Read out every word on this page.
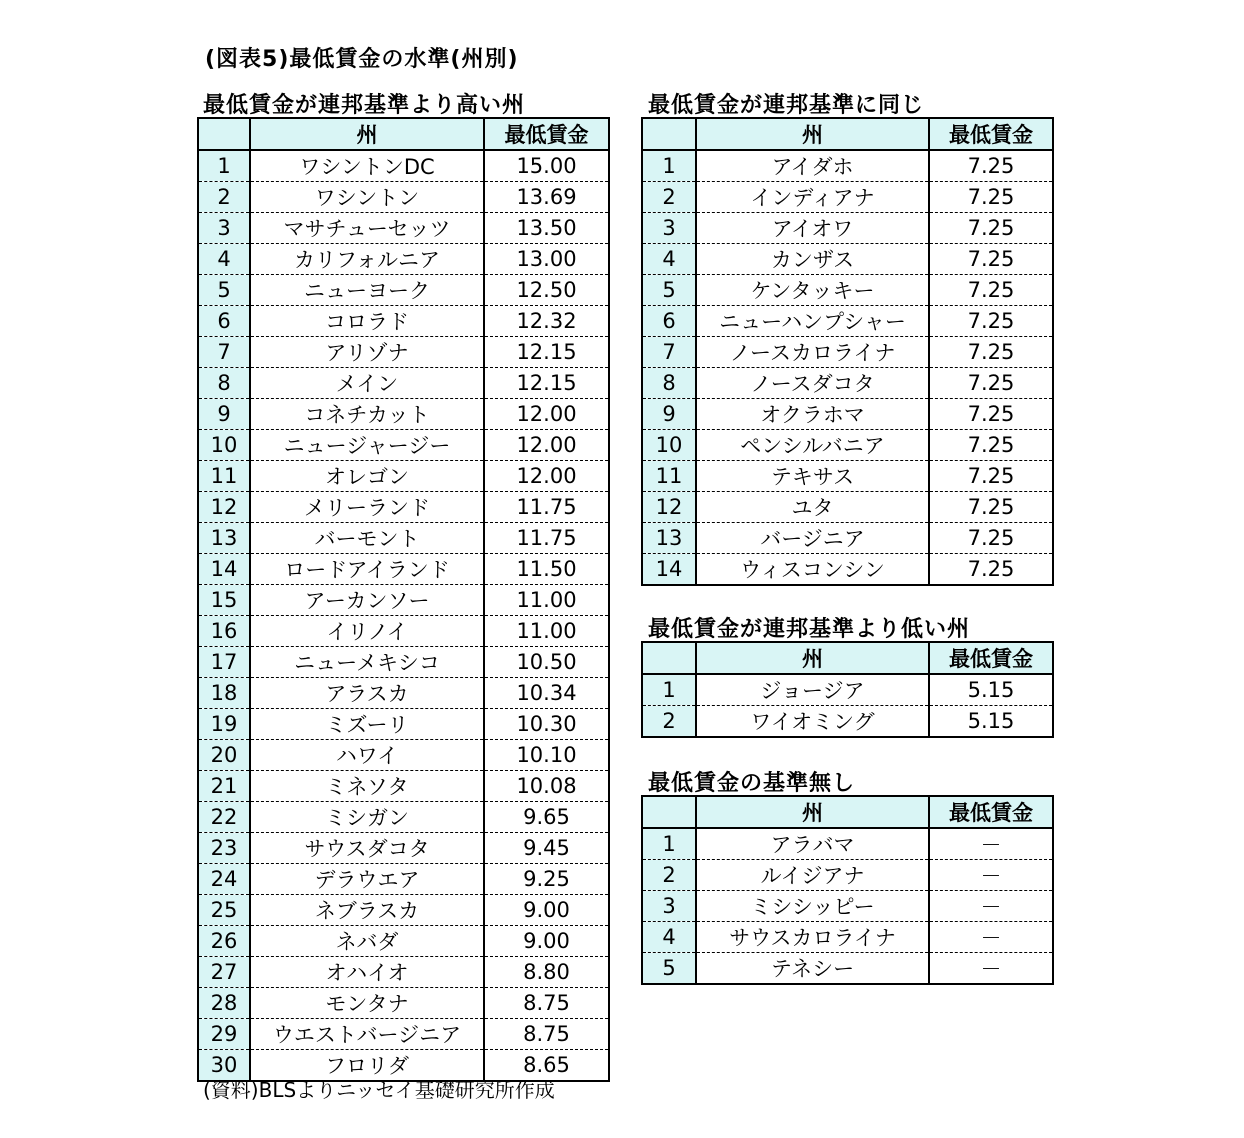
(図表5)最低賃金の水準(州別)
最低賃金が連邦基準より高い州
	州	最低賃金
1	ワシントンDC	15.00
2	ワシントン	13.69
3	マサチューセッツ	13.50
4	カリフォルニア	13.00
5	ニューヨーク	12.50
6	コロラド	12.32
7	アリゾナ	12.15
8	メイン	12.15
9	コネチカット	12.00
10	ニュージャージー	12.00
11	オレゴン	12.00
12	メリーランド	11.75
13	バーモント	11.75
14	ロードアイランド	11.50
15	アーカンソー	11.00
16	イリノイ	11.00
17	ニューメキシコ	10.50
18	アラスカ	10.34
19	ミズーリ	10.30
20	ハワイ	10.10
21	ミネソタ	10.08
22	ミシガン	9.65
23	サウスダコタ	9.45
24	デラウエア	9.25
25	ネブラスカ	9.00
26	ネバダ	9.00
27	オハイオ	8.80
28	モンタナ	8.75
29	ウエストバージニア	8.75
30	フロリダ	8.65
最低賃金が連邦基準に同じ
	州	最低賃金
1	アイダホ	7.25
2	インディアナ	7.25
3	アイオワ	7.25
4	カンザス	7.25
5	ケンタッキー	7.25
6	ニューハンプシャー	7.25
7	ノースカロライナ	7.25
8	ノースダコタ	7.25
9	オクラホマ	7.25
10	ペンシルバニア	7.25
11	テキサス	7.25
12	ユタ	7.25
13	バージニア	7.25
14	ウィスコンシン	7.25
最低賃金が連邦基準より低い州
	州	最低賃金
1	ジョージア	5.15
2	ワイオミング	5.15
最低賃金の基準無し
	州	最低賃金
1	アラバマ	－
2	ルイジアナ	－
3	ミシシッピー	－
4	サウスカロライナ	－
5	テネシー	－
(資料)BLSよりニッセイ基礎研究所作成
